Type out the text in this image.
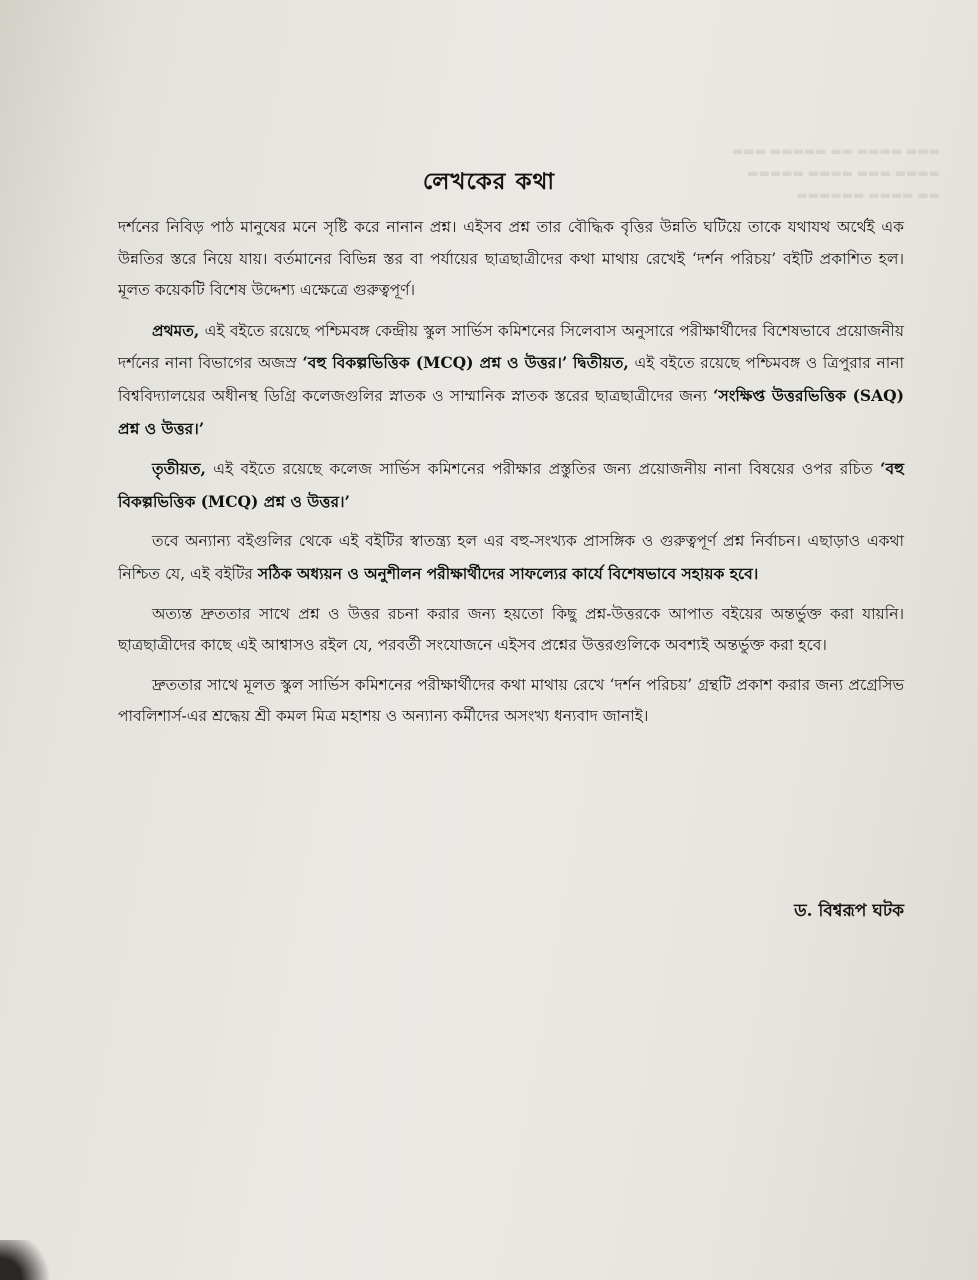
▬▬▬ ▬▬▬▬ ▬▬ ▬▬▬▬▬ ▬▬▬
▬▬▬▬ ▬▬▬ ▬▬▬▬ ▬▬▬▬▬
▬▬ ▬▬▬▬ ▬▬▬▬▬▬
লেখকের কথা

দর্শনের নিবিড় পাঠ মানুষের মনে সৃষ্টি করে নানান প্রশ্ন। এইসব প্রশ্ন তার বৌদ্ধিক বৃত্তির উন্নতি ঘটিয়ে তাকে যথাযথ অর্থেই এক উন্নতির স্তরে নিয়ে যায়। বর্তমানের বিভিন্ন স্তর বা পর্যায়ের ছাত্রছাত্রীদের কথা মাথায় রেখেই ‘দর্শন পরিচয়’ বইটি প্রকাশিত হল। মূলত কয়েকটি বিশেষ উদ্দেশ্য এক্ষেত্রে গুরুত্বপূর্ণ।

প্রথমত, এই বইতে রয়েছে পশ্চিমবঙ্গ কেন্দ্রীয় স্কুল সার্ভিস কমিশনের সিলেবাস অনুসারে পরীক্ষার্থীদের বিশেষভাবে প্রয়োজনীয় দর্শনের নানা বিভাগের অজস্র ‘বহু বিকল্পভিত্তিক (MCQ) প্রশ্ন ও উত্তর।’ দ্বিতীয়ত, এই বইতে রয়েছে পশ্চিমবঙ্গ ও ত্রিপুরার নানা বিশ্ববিদ্যালয়ের অধীনস্থ ডিগ্রি কলেজগুলির স্নাতক ও সাম্মানিক স্নাতক স্তরের ছাত্রছাত্রীদের জন্য ‘সংক্ষিপ্ত উত্তরভিত্তিক (SAQ) প্রশ্ন ও উত্তর।’

তৃতীয়ত, এই বইতে রয়েছে কলেজ সার্ভিস কমিশনের পরীক্ষার প্রস্তুতির জন্য প্রয়োজনীয় নানা বিষয়ের ওপর রচিত ‘বহু বিকল্পভিত্তিক (MCQ) প্রশ্ন ও উত্তর।’

তবে অন্যান্য বইগুলির থেকে এই বইটির স্বাতন্ত্র্য হল এর বহু-সংখ্যক প্রাসঙ্গিক ও গুরুত্বপূর্ণ প্রশ্ন নির্বাচন। এছাড়াও একথা নিশ্চিত যে, এই বইটির সঠিক অধ্যয়ন ও অনুশীলন পরীক্ষার্থীদের সাফল্যের কার্যে বিশেষভাবে সহায়ক হবে।

অত্যন্ত দ্রুততার সাথে প্রশ্ন ও উত্তর রচনা করার জন্য হয়তো কিছু প্রশ্ন-উত্তরকে আপাত বইয়ের অন্তর্ভুক্ত করা যায়নি। ছাত্রছাত্রীদের কাছে এই আশ্বাসও রইল যে, পরবর্তী সংযোজনে এইসব প্রশ্নের উত্তরগুলিকে অবশ্যই অন্তর্ভুক্ত করা হবে।

দ্রুততার সাথে মূলত স্কুল সার্ভিস কমিশনের পরীক্ষার্থীদের কথা মাথায় রেখে ‘দর্শন পরিচয়’ গ্রন্থটি প্রকাশ করার জন্য প্রগ্রেসিভ পাবলিশার্স-এর শ্রদ্ধেয় শ্রী কমল মিত্র মহাশয় ও অন্যান্য কর্মীদের অসংখ্য ধন্যবাদ জানাই।

ড. বিশ্বরূপ ঘটক
